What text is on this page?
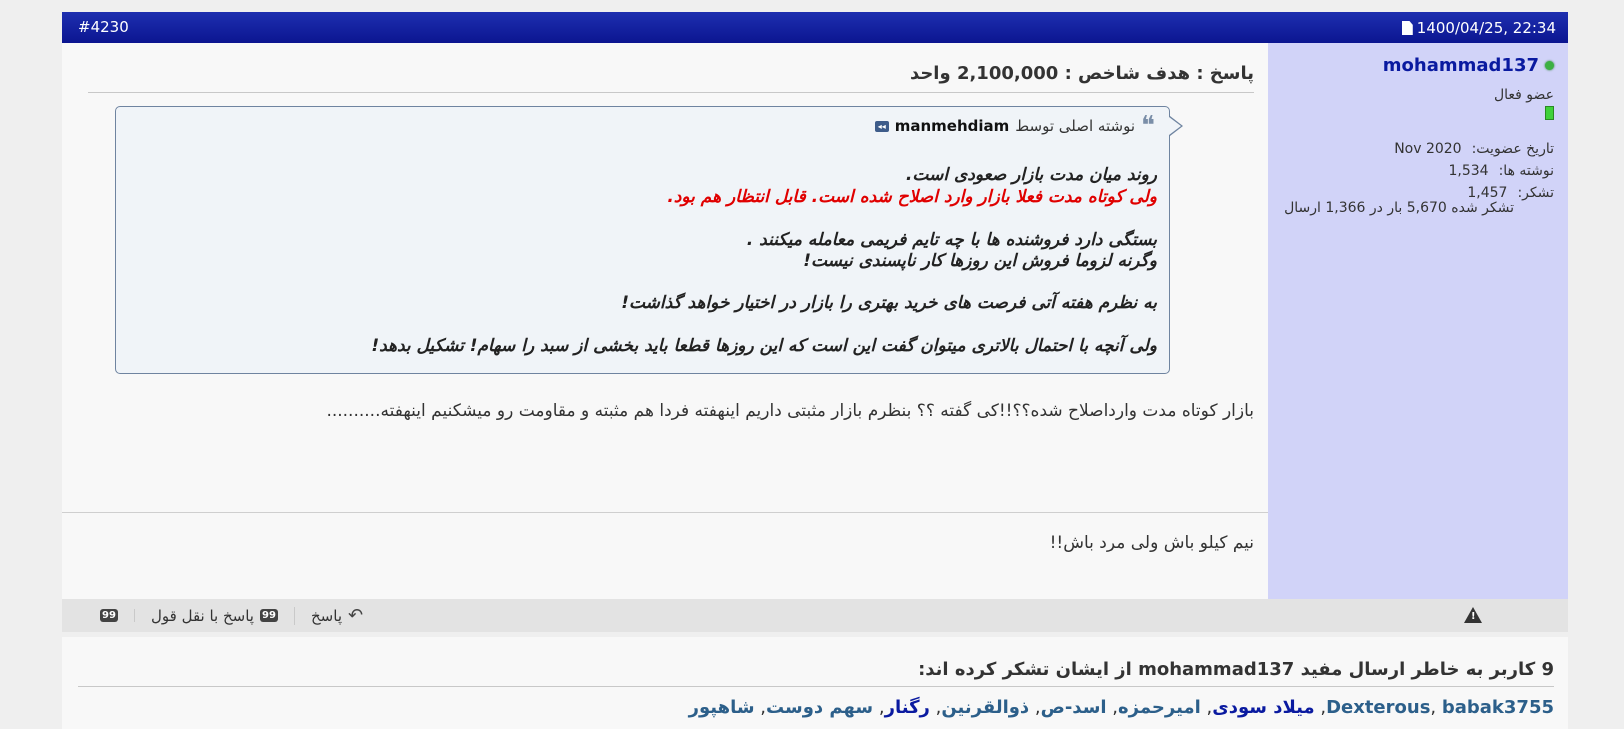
1400/04/25, 22:34
#4230
mohammad137
عضو فعال
تاریخ عضویت:
Nov 2020
نوشته ها:
1,534
تشکر:
1,457
تشکر شده 5,670 بار در 1,366 ارسال
پاسخ : هدف شاخص : 2,100,000 واحد
❝
نوشته اصلی توسط
manmehdiam
◂◂
روند میان مدت بازار صعودی است.
ولی کوتاه مدت فعلا بازار وارد اصلاح شده است. قابل انتظار هم بود.
بستگی دارد فروشنده ها با چه تایم فریمی معامله میکنند .
وگرنه لزوما فروش این روزها کار ناپسندی نیست!
به نظرم هفته آتی فرصت های خرید بهتری را بازار در اختیار خواهد گذاشت!
ولی آنچه با احتمال بالاتری میتوان گفت این است که این روزها قطعا باید بخشی از سبد را سهام! تشکیل بدهد!
بازار کوتاه مدت وارداصلاح شده؟؟!!کی گفته ؟؟ بنظرم بازار مثبتی داریم اینهفته فردا هم مثبته و مقاومت رو میشکنیم اینهفته..........
نیم کیلو باش ولی مرد باش!!
99 پاسخ با نقل قول 99 پاسخ ↶	!
9 کاربر به خاطر ارسال مفید mohammad137 از ایشان تشکر کرده اند:
Dexterous, babak3755, میلاد سودی, امیرحمزه, اسد-ص, ذوالقرنین, رگنار, سهم دوست, شاهپور
